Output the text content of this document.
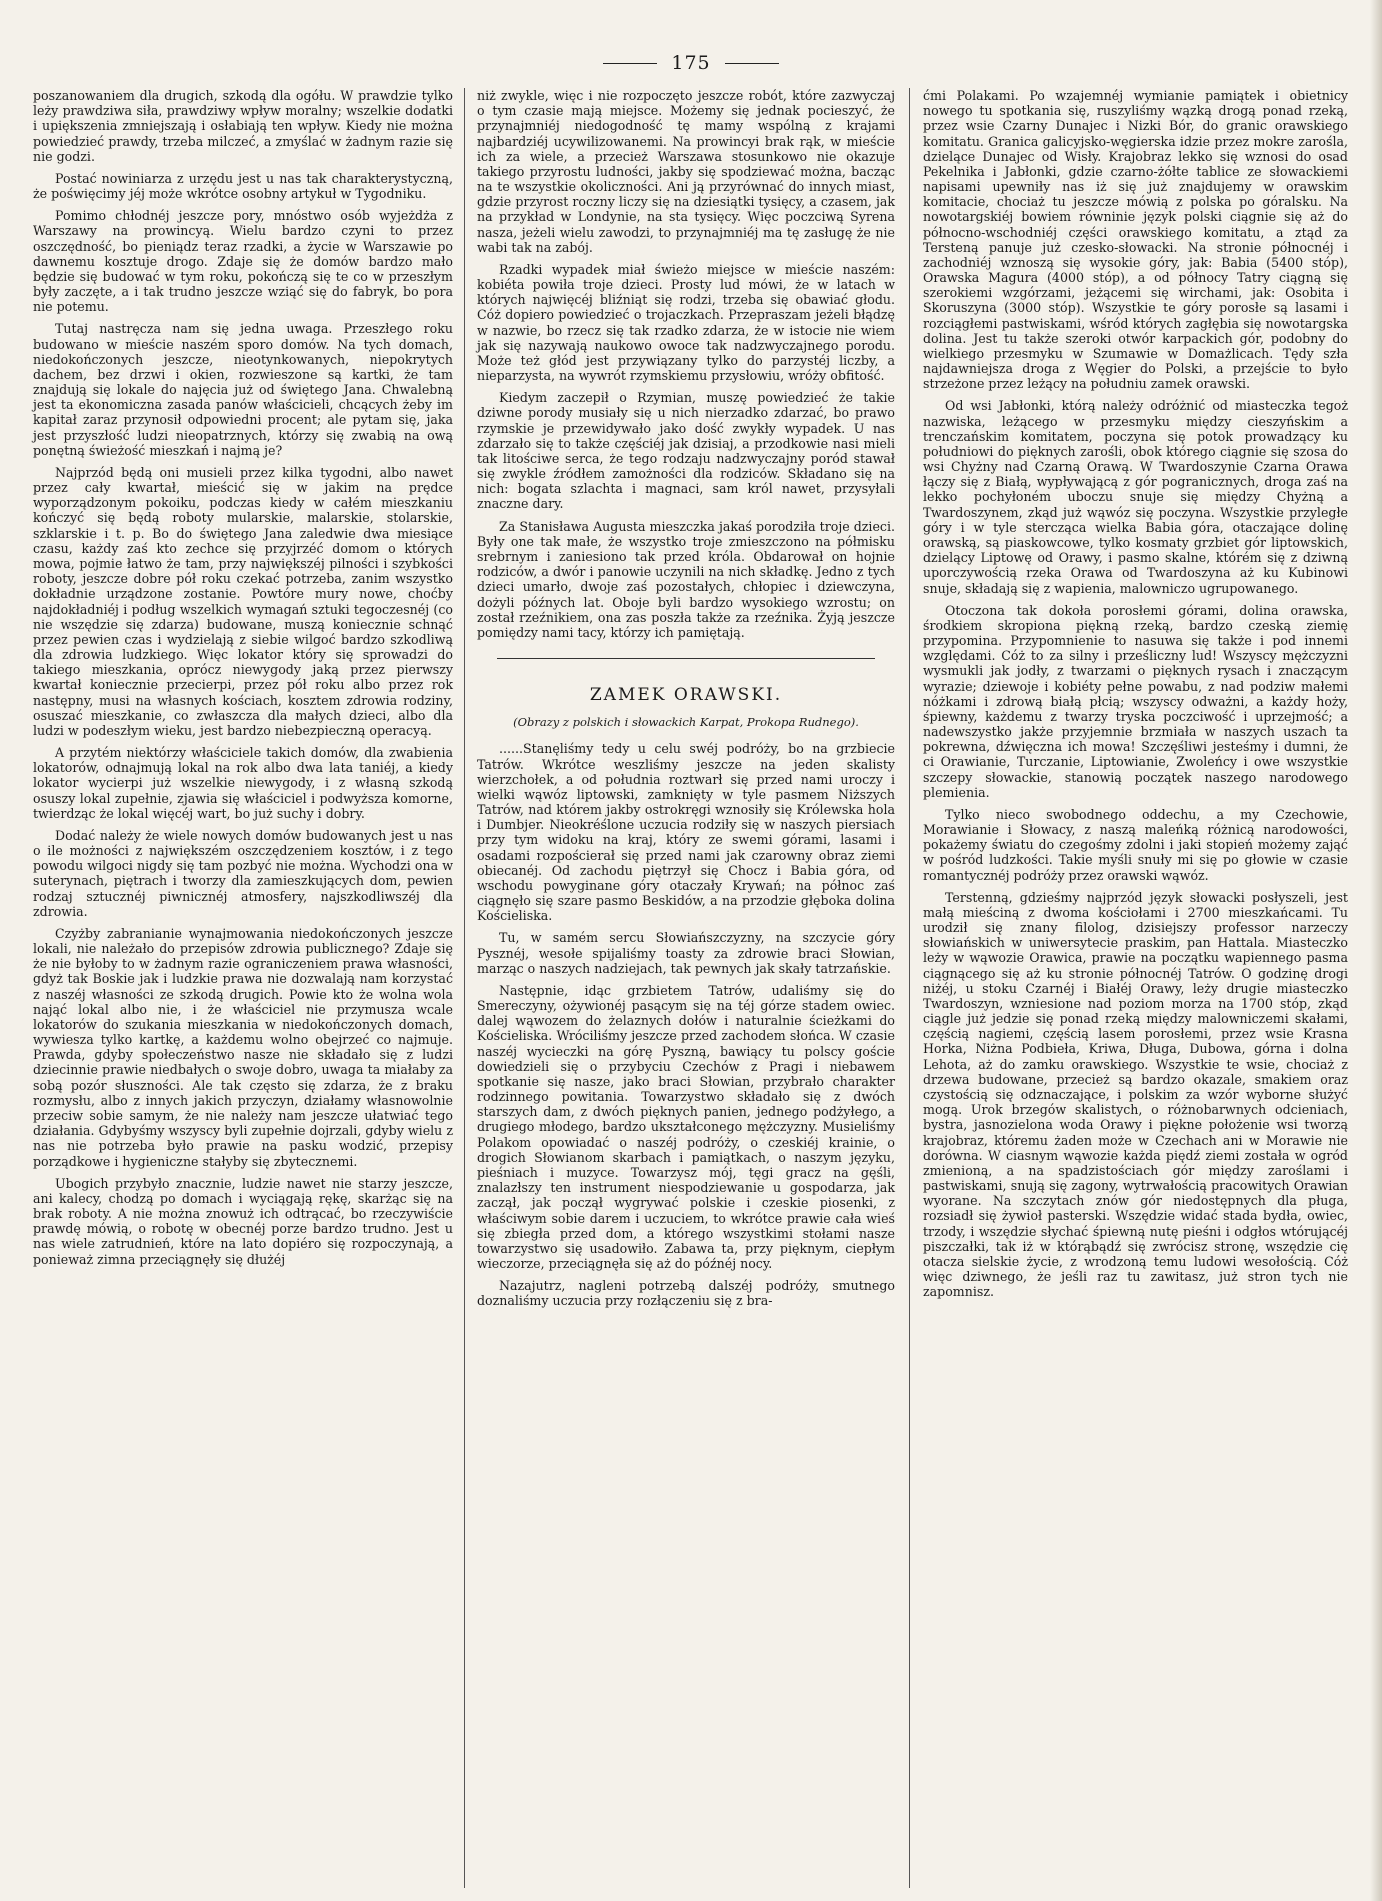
175

poszanowaniem dla drugich, szkodą dla ogółu. W prawdzie tylko leży prawdziwa siła, prawdziwy wpływ moralny; wszelkie dodatki i upiększenia zmniejszają i osłabiają ten wpływ. Kiedy nie można powiedzieć prawdy, trzeba milczeć, a zmyślać w żadnym razie się nie godzi.

Postać nowiniarza z urzędu jest u nas tak charakterystyczną, że poświęcimy jéj może wkrótce osobny artykuł w Tygodniku.

Pomimo chłodnéj jeszcze pory, mnóstwo osób wyjeżdża z Warszawy na prowincyą. Wielu bardzo czyni to przez oszczędność, bo pieniądz teraz rzadki, a życie w Warszawie po dawnemu kosztuje drogo. Zdaje się że domów bardzo mało będzie się budować w tym roku, pokończą się te co w przeszłym były zaczęte, a i tak trudno jeszcze wziąć się do fabryk, bo pora nie potemu.

Tutaj nastręcza nam się jedna uwaga. Przeszłego roku budowano w mieście naszém sporo domów. Na tych domach, niedokończonych jeszcze, nieotynkowanych, niepokrytych dachem, bez drzwi i okien, rozwieszone są kartki, że tam znajdują się lokale do najęcia już od świętego Jana. Chwalebną jest ta ekonomiczna zasada panów właścicieli, chcących żeby im kapitał zaraz przynosił odpowiedni procent; ale pytam się, jaka jest przyszłość ludzi nieopatrznych, którzy się zwabią na ową ponętną świeżość mieszkań i najmą je?

Najprzód będą oni musieli przez kilka tygodni, albo nawet przez cały kwartał, mieścić się w jakim na prędce wyporządzonym pokoiku, podczas kiedy w całém mieszkaniu kończyć się będą roboty mularskie, malarskie, stolarskie, szklarskie i t. p. Bo do świętego Jana zaledwie dwa miesiące czasu, każdy zaś kto zechce się przyjrzéć domom o których mowa, pojmie łatwo że tam, przy największéj pilności i szybkości roboty, jeszcze dobre pół roku czekać potrzeba, zanim wszystko dokładnie urządzone zostanie. Powtóre mury nowe, choćby najdokładniéj i podług wszelkich wymagań sztuki tegoczesnéj (co nie wszędzie się zdarza) budowane, muszą koniecznie schnąć przez pewien czas i wydzielają z siebie wilgoć bardzo szkodliwą dla zdrowia ludzkiego. Więc lokator który się sprowadzi do takiego mieszkania, oprócz niewygody jaką przez pierwszy kwartał koniecznie przecierpi, przez pół roku albo przez rok następny, musi na własnych kościach, kosztem zdrowia rodziny, osuszać mieszkanie, co zwłaszcza dla małych dzieci, albo dla ludzi w podeszłym wieku, jest bardzo niebezpieczną operacyą.

A przytém niektórzy właściciele takich domów, dla zwabienia lokatorów, odnajmują lokal na rok albo dwa lata taniéj, a kiedy lokator wycierpi już wszelkie niewygody, i z własną szkodą osuszy lokal zupełnie, zjawia się właściciel i podwyższa komorne, twierdząc że lokal więcéj wart, bo już suchy i dobry.

Dodać należy że wiele nowych domów budowanych jest u nas o ile możności z największém oszczędzeniem kosztów, i z tego powodu wilgoci nigdy się tam pozbyć nie można. Wychodzi ona w suterynach, piętrach i tworzy dla zamieszkujących dom, pewien rodzaj sztucznéj piwnicznéj atmosfery, najszkodliwszéj dla zdrowia.

Czyżby zabranianie wynajmowania niedokończonych jeszcze lokali, nie należało do przepisów zdrowia publicznego? Zdaje się że nie byłoby to w żadnym razie ograniczeniem prawa własności, gdyż tak Boskie jak i ludzkie prawa nie dozwalają nam korzystać z naszéj własności ze szkodą drugich. Powie kto że wolna wola nająć lokal albo nie, i że właściciel nie przymusza wcale lokatorów do szukania mieszkania w niedokończonych domach, wywiesza tylko kartkę, a każdemu wolno obejrzeć co najmuje. Prawda, gdyby społeczeństwo nasze nie składało się z ludzi dziecinnie prawie niedbałych o swoje dobro, uwaga ta miałaby za sobą pozór słuszności. Ale tak często się zdarza, że z braku rozmysłu, albo z innych jakich przyczyn, działamy własnowolnie przeciw sobie samym, że nie należy nam jeszcze ułatwiać tego działania. Gdybyśmy wszyscy byli zupełnie dojrzali, gdyby wielu z nas nie potrzeba było prawie na pasku wodzić, przepisy porządkowe i hygieniczne stałyby się zbytecznemi.

Ubogich przybyło znacznie, ludzie nawet nie starzy jeszcze, ani kalecy, chodzą po domach i wyciągają rękę, skarżąc się na brak roboty. A nie można znowuż ich odtrącać, bo rzeczywiście prawdę mówią, o robotę w obecnéj porze bardzo trudno. Jest u nas wiele zatrudnień, które na lato dopiéro się rozpoczynają, a ponieważ zimna przeciągnęły się dłużéj

niż zwykle, więc i nie rozpoczęto jeszcze robót, które zazwyczaj o tym czasie mają miejsce. Możemy się jednak pocieszyć, że przynajmniéj niedogodność tę mamy wspólną z krajami najbardziéj ucywilizowanemi. Na prowincyi brak rąk, w mieście ich za wiele, a przecież Warszawa stosunkowo nie okazuje takiego przyrostu ludności, jakby się spodziewać można, bacząc na te wszystkie okoliczności. Ani ją przyrównać do innych miast, gdzie przyrost roczny liczy się na dziesiątki tysięcy, a czasem, jak na przykład w Londynie, na sta tysięcy. Więc poczciwą Syrena nasza, jeżeli wielu zawodzi, to przynajmniéj ma tę zasługę że nie wabi tak na zabój.

Rzadki wypadek miał świeżo miejsce w mieście naszém: kobiéta powiła troje dzieci. Prosty lud mówi, że w latach w których najwięcéj bliźniąt się rodzi, trzeba się obawiać głodu. Cóż dopiero powiedzieć o trojaczkach. Przepraszam jeżeli błądzę w nazwie, bo rzecz się tak rzadko zdarza, że w istocie nie wiem jak się nazywają naukowo owoce tak nadzwyczajnego porodu. Może też głód jest przywiązany tylko do parzystéj liczby, a nieparzysta, na wywrót rzymskiemu przysłowiu, wróży obfitość.

Kiedym zaczepił o Rzymian, muszę powiedzieć że takie dziwne porody musiały się u nich nierzadko zdarzać, bo prawo rzymskie je przewidywało jako dość zwykły wypadek. U nas zdarzało się to także częściéj jak dzisiaj, a przodkowie nasi mieli tak litościwe serca, że tego rodzaju nadzwyczajny poród stawał się zwykle źródłem zamożności dla rodziców. Składano się na nich: bogata szlachta i magnaci, sam król nawet, przysyłali znaczne dary.

Za Stanisława Augusta mieszczka jakaś porodziła troje dzieci. Były one tak małe, że wszystko troje zmieszczono na półmisku srebrnym i zaniesiono tak przed króla. Obdarował on hojnie rodziców, a dwór i panowie uczynili na nich składkę. Jedno z tych dzieci umarło, dwoje zaś pozostałych, chłopiec i dziewczyna, dożyli późnych lat. Oboje byli bardzo wysokiego wzrostu; on został rzeźnikiem, ona zas poszła także za rzeźnika. Żyją jeszcze pomiędzy nami tacy, którzy ich pamiętają.

ZAMEK ORAWSKI.
(Obrazy z polskich i słowackich Karpat, Prokopa Rudnego).

......Stanęliśmy tedy u celu swéj podróży, bo na grzbiecie Tatrów. Wkrótce weszliśmy jeszcze na jeden skalisty wierzchołek, a od południa roztwarł się przed nami uroczy i wielki wąwóz liptowski, zamknięty w tyle pasmem Niższych Tatrów, nad którem jakby ostrokręgi wznosiły się Królewska hola i Dumbjer. Nieokréślone uczucia rodziły się w naszych piersiach przy tym widoku na kraj, który ze swemi górami, lasami i osadami rozpościerał się przed nami jak czarowny obraz ziemi obiecanéj. Od zachodu piętrzył się Chocz i Babia góra, od wschodu powyginane góry otaczały Krywań; na północ zaś ciągnęło się szare pasmo Beskidów, a na przodzie głęboka dolina Kościeliska.

Tu, w samém sercu Słowiańszczyzny, na szczycie góry Pysznéj, wesołe spijaliśmy toasty za zdrowie braci Słowian, marząc o naszych nadziejach, tak pewnych jak skały tatrzańskie.

Następnie, idąc grzbietem Tatrów, udaliśmy się do Smereczyny, ożywionéj pasącym się na téj górze stadem owiec. dalej wąwozem do żelaznych dołów i naturalnie ścieżkami do Kościeliska. Wróciliśmy jeszcze przed zachodem słońca. W czasie naszéj wycieczki na górę Pyszną, bawiący tu polscy goście dowiedzieli się o przybyciu Czechów z Pragi i niebawem spotkanie się nasze, jako braci Słowian, przybrało charakter rodzinnego powitania. Towarzystwo składało się z dwóch starszych dam, z dwóch pięknych panien, jednego podżyłego, a drugiego młodego, bardzo ukształconego mężczyzny. Musieliśmy Polakom opowiadać o naszéj podróży, o czeskiéj krainie, o drogich Słowianom skarbach i pamiątkach, o naszym języku, pieśniach i muzyce. Towarzysz mój, tęgi gracz na gęśli, znalazłszy ten instrument niespodziewanie u gospodarza, jak zaczął, jak począł wygrywać polskie i czeskie piosenki, z właściwym sobie darem i uczuciem, to wkrótce prawie cała wieś się zbiegła przed dom, a którego wszystkimi stołami nasze towarzystwo się usadowiło. Zabawa ta, przy pięknym, ciepłym wieczorze, przeciągnęła się aż do późnéj nocy.

Nazajutrz, nagleni potrzebą dalszéj podróży, smutnego doznaliśmy uczucia przy rozłączeniu się z bra-

ćmi Polakami. Po wzajemnéj wymianie pamiątek i obietnicy nowego tu spotkania się, ruszyliśmy wązką drogą ponad rzeką, przez wsie Czarny Dunajec i Nizki Bór, do granic orawskiego komitatu. Granica galicyjsko-węgierska idzie przez mokre zarośla, dzielące Dunajec od Wisły. Krajobraz lekko się wznosi do osad Pekelnika i Jabłonki, gdzie czarno-żółte tablice ze słowackiemi napisami upewniły nas iż się już znajdujemy w orawskim komitacie, chociaż tu jeszcze mówią z polska po góralsku. Na nowotargskiéj bowiem równinie język polski ciągnie się aż do północno-wschodniéj części orawskiego komitatu, a ztąd za Tersteną panuje już czesko-słowacki. Na stronie północnéj i zachodniéj wznoszą się wysokie góry, jak: Babia (5400 stóp), Orawska Magura (4000 stóp), a od północy Tatry ciągną się szerokiemi wzgórzami, jeżącemi się wirchami, jak: Osobita i Skoruszyna (3000 stóp). Wszystkie te góry porosłe są lasami i rozciągłemi pastwiskami, wśród których zagłębia się nowotargska dolina. Jest tu także szeroki otwór karpackich gór, podobny do wielkiego przesmyku w Szumawie w Domażlicach. Tędy szła najdawniejsza droga z Węgier do Polski, a przejście to było strzeżone przez leżący na południu zamek orawski.

Od wsi Jabłonki, którą należy odróżnić od miasteczka tegoż nazwiska, leżącego w przesmyku między cieszyńskim a trenczańskim komitatem, poczyna się potok prowadzący ku południowi do pięknych zarośli, obok którego ciągnie się szosa do wsi Chyżny nad Czarną Orawą. W Twardoszynie Czarna Orawa łączy się z Białą, wypływającą z gór pogranicznych, droga zaś na lekko pochyłoném uboczu snuje się między Chyżną a Twardoszynem, zkąd już wąwóz się poczyna. Wszystkie przyległe góry i w tyle stercząca wielka Babia góra, otaczające dolinę orawską, są piaskowcowe, tylko kosmaty grzbiet gór liptowskich, dzielący Liptowę od Orawy, i pasmo skalne, którém się z dziwną uporczywością rzeka Orawa od Twardoszyna aż ku Kubinowi snuje, składają się z wapienia, malowniczo ugrupowanego.

Otoczona tak dokoła porosłemi górami, dolina orawska, środkiem skropiona piękną rzeką, bardzo czeską ziemię przypomina. Przypomnienie to nasuwa się także i pod innemi względami. Cóż to za silny i prześliczny lud! Wszyscy mężczyzni wysmukli jak jodły, z twarzami o pięknych rysach i znaczącym wyrazie; dziewoje i kobiéty pełne powabu, z nad podziw małemi nóżkami i zdrową białą płcią; wszyscy odważni, a każdy hoży, śpiewny, każdemu z twarzy tryska poczciwość i uprzejmość; a nadewszystko jakże przyjemnie brzmiała w naszych uszach ta pokrewna, dźwięczna ich mowa! Szczęśliwi jesteśmy i dumni, że ci Orawianie, Turczanie, Liptowianie, Zwoleńcy i owe wszystkie szczepy słowackie, stanowią początek naszego narodowego plemienia.

Tylko nieco swobodnego oddechu, a my Czechowie, Morawianie i Słowacy, z naszą maleńką różnicą narodowości, pokażemy światu do czegośmy zdolni i jaki stopień możemy zająć w pośród ludzkości. Takie myśli snuły mi się po głowie w czasie romantycznéj podróży przez orawski wąwóz.

Terstenną, gdzieśmy najprzód język słowacki posłyszeli, jest małą mieściną z dwoma kościołami i 2700 mieszkańcami. Tu urodził się znany filolog, dzisiejszy professor narzeczy słowiańskich w uniwersytecie praskim, pan Hattala. Miasteczko leży w wąwozie Orawica, prawie na początku wapiennego pasma ciągnącego się aż ku stronie północnéj Tatrów. O godzinę drogi niżéj, u stoku Czarnéj i Białéj Orawy, leży drugie miasteczko Twardoszyn, wzniesione nad poziom morza na 1700 stóp, zkąd ciągle już jedzie się ponad rzeką między malowniczemi skałami, częścią nagiemi, częścią lasem porosłemi, przez wsie Krasna Horka, Niżna Podbieła, Kriwa, Długa, Dubowa, górna i dolna Lehota, aż do zamku orawskiego. Wszystkie te wsie, chociaż z drzewa budowane, przecież są bardzo okazale, smakiem oraz czystością się odznaczające, i polskim za wzór wyborne służyć mogą. Urok brzegów skalistych, o różnobarwnych odcieniach, bystra, jasnozielona woda Orawy i piękne położenie wsi tworzą krajobraz, któremu żaden może w Czechach ani w Morawie nie dorówna. W ciasnym wąwozie każda piędź ziemi została w ogród zmienioną, a na spadzistościach gór między zaroślami i pastwiskami, snują się zagony, wytrwałością pracowitych Orawian wyorane. Na szczytach znów gór niedostępnych dla pługa, rozsiadł się żywioł pasterski. Wszędzie widać stada bydła, owiec, trzody, i wszędzie słychać śpiewną nutę pieśni i odgłos wtórującéj piszczałki, tak iż w którąbądź się zwrócisz stronę, wszędzie cię otacza sielskie życie, z wrodzoną temu ludowi wesołością. Cóż więc dziwnego, że jeśli raz tu zawitasz, już stron tych nie zapomnisz.
